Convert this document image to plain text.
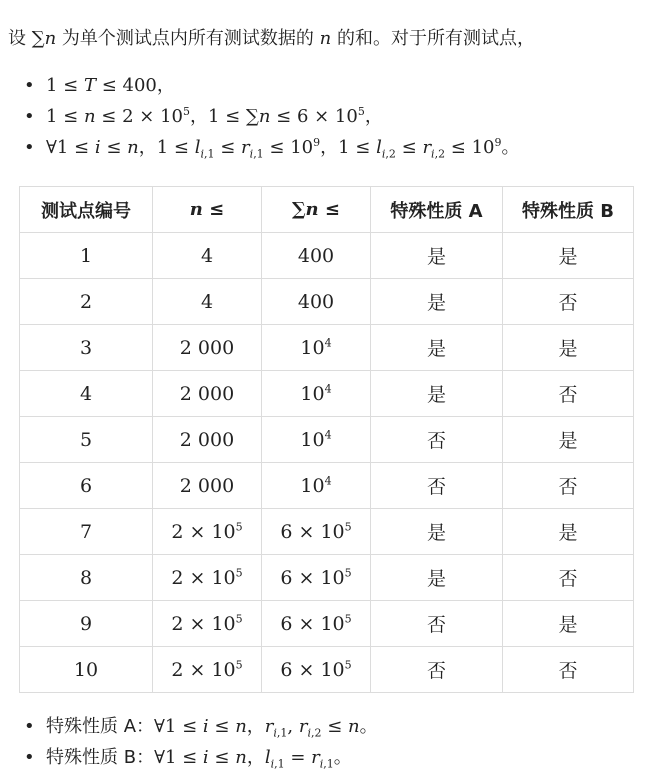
设 ∑n 为单个测试点内所有测试数据的 n 的和。对于所有测试点，
• 1 ≤ T ≤ 400，
• $1 \le n \le 2 \times 10^5$，$1 \le \sum n \le 6 \times 10^5$，
• ∀1 ≤ i ≤ n，$1 \le l_{i,1} \le r_{i,1} \le 10^9$，$1 \le l_{i,2} \le r_{i,2} \le 10^9$。
测试点编号	n ≤	∑n ≤	特殊性质 A	特殊性质 B
1	4	400	是	是
2	4	400	是	否
3	2 000	$10^4$	是	是
4	2 000	$10^4$	是	否
5	2 000	$10^4$	否	是
6	2 000	$10^4$	否	否
7	$2 \times 10^5$	$6 \times 10^5$	是	是
8	$2 \times 10^5$	$6 \times 10^5$	是	否
9	$2 \times 10^5$	$6 \times 10^5$	否	是
10	$2 \times 10^5$	$6 \times 10^5$	否	否
• 特殊性质 A：∀1 ≤ i ≤ n，$r_{i,1}$, $r_{i,2} \le n$。
• 特殊性质 B：∀1 ≤ i ≤ n，$l_{i,1} = r_{i,1}$。
